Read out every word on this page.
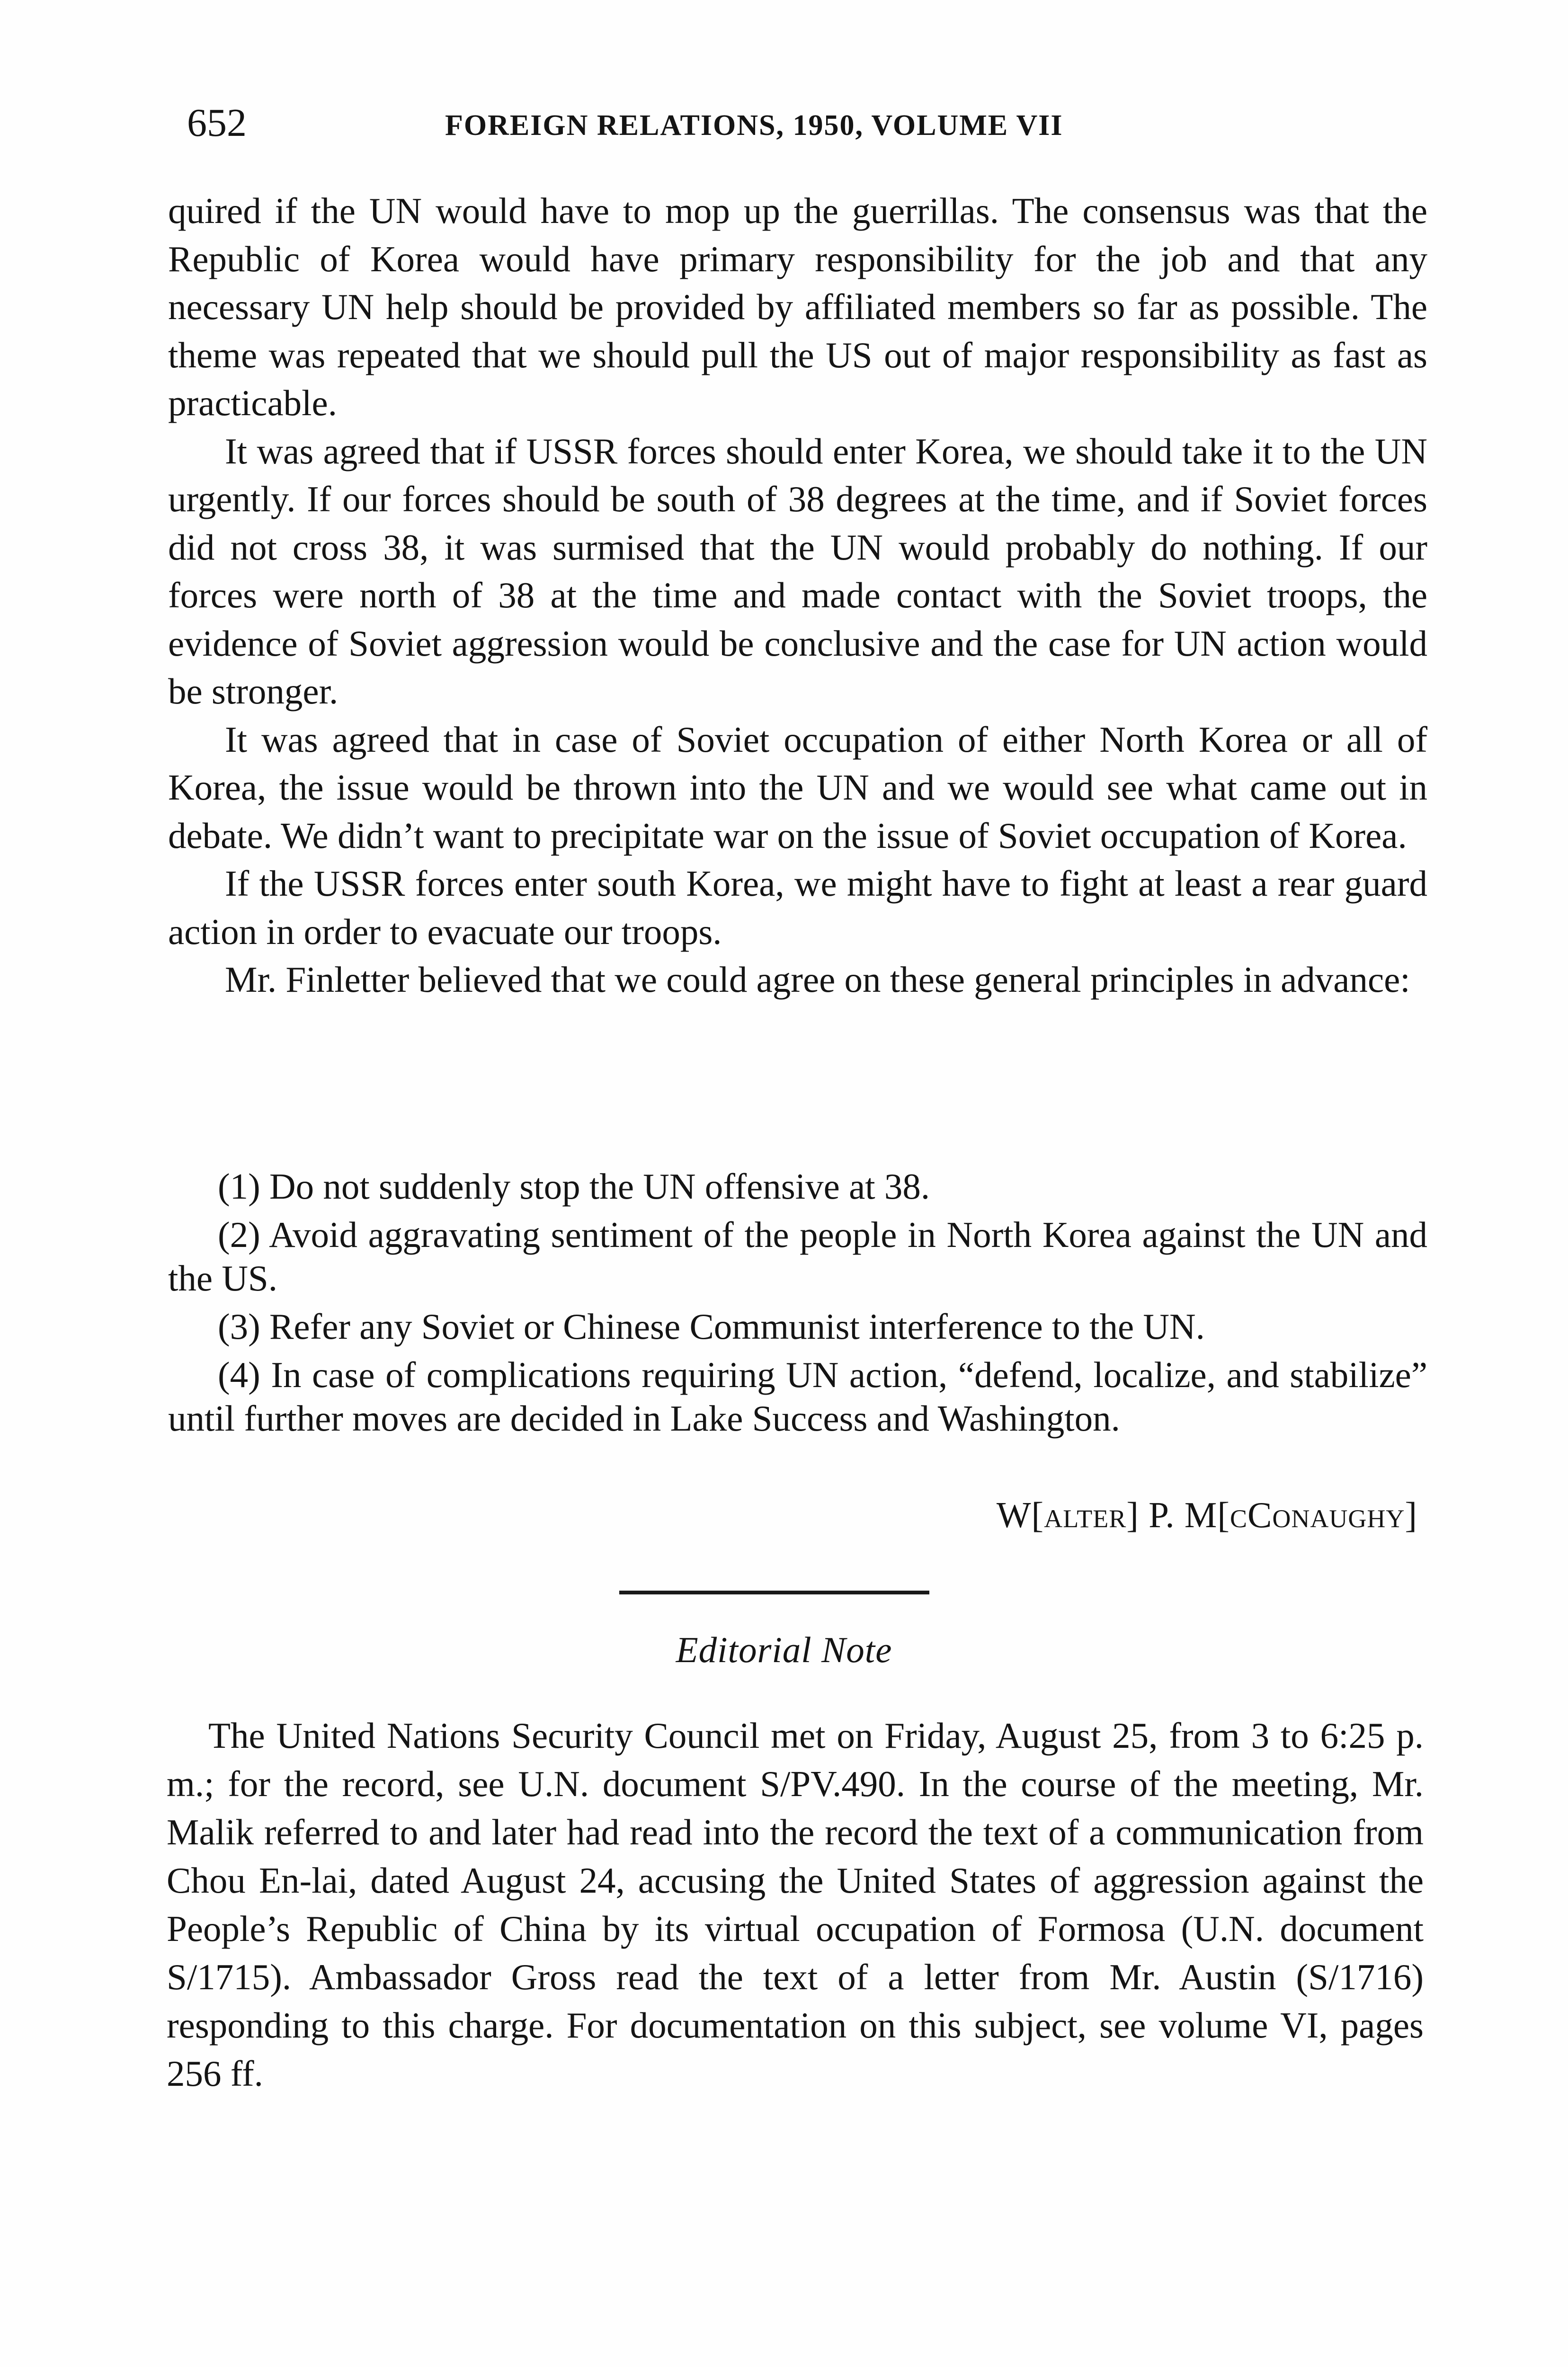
652	FOREIGN RELATIONS, 1950, VOLUME VII

quired if the UN would have to mop up the guerrillas. The consensus was that the Republic of Korea would have primary responsibility for the job and that any necessary UN help should be provided by affiliated members so far as possible. The theme was repeated that we should pull the US out of major responsibility as fast as practicable.

It was agreed that if USSR forces should enter Korea, we should take it to the UN urgently. If our forces should be south of 38 degrees at the time, and if Soviet forces did not cross 38, it was surmised that the UN would probably do nothing. If our forces were north of 38 at the time and made contact with the Soviet troops, the evidence of Soviet aggression would be conclusive and the case for UN action would be stronger.

It was agreed that in case of Soviet occupation of either North Korea or all of Korea, the issue would be thrown into the UN and we would see what came out in debate. We didn’t want to precipitate war on the issue of Soviet occupation of Korea.

If the USSR forces enter south Korea, we might have to fight at least a rear guard action in order to evacuate our troops.

Mr. Finletter believed that we could agree on these general principles in advance:

(1) Do not suddenly stop the UN offensive at 38.

(2) Avoid aggravating sentiment of the people in North Korea against the UN and the US.

(3) Refer any Soviet or Chinese Communist interference to the UN.

(4) In case of complications requiring UN action, “defend, localize, and stabilize” until further moves are decided in Lake Success and Washington.

W[alter] P. M[cConaughy]
Editorial Note

The United Nations Security Council met on Friday, August 25, from 3 to 6:25 p. m.; for the record, see U.N. document S/PV.490. In the course of the meeting, Mr. Malik referred to and later had read into the record the text of a communication from Chou En-lai, dated August 24, accusing the United States of aggression against the People’s Republic of China by its virtual occupation of Formosa (U.N. document S/1715). Ambassador Gross read the text of a letter from Mr. Austin (S/1716) responding to this charge. For documentation on this subject, see volume VI, pages 256 ff.
